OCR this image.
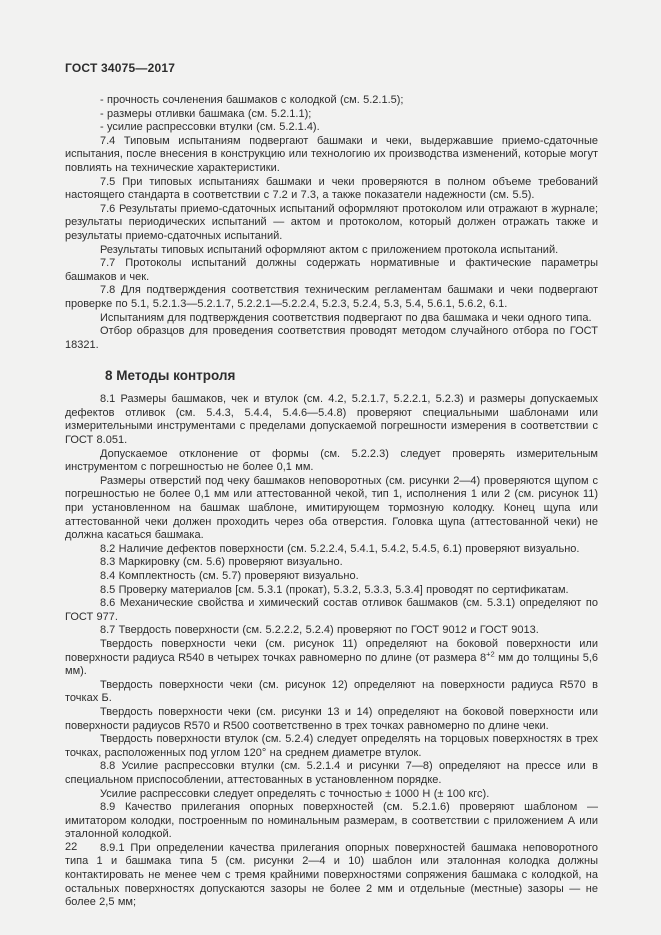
ГОСТ 34075—2017

- прочность сочленения башмаков с колодкой (см. 5.2.1.5);

- размеры отливки башмака (см. 5.2.1.1);

- усилие распрессовки втулки (см. 5.2.1.4).

7.4 Типовым испытаниям подвергают башмаки и чеки, выдержавшие приемо-сдаточные испытания, после внесения в конструкцию или технологию их производства изменений, которые могут повлиять на технические характеристики.

7.5 При типовых испытаниях башмаки и чеки проверяются в полном объеме требований настоящего стандарта в соответствии с 7.2 и 7.3, а также показатели надежности (см. 5.5).

7.6 Результаты приемо-сдаточных испытаний оформляют протоколом или отражают в журнале; результаты периодических испытаний — актом и протоколом, который должен отражать также и результаты приемо-сдаточных испытаний.

Результаты типовых испытаний оформляют актом с приложением протокола испытаний.

7.7 Протоколы испытаний должны содержать нормативные и фактические параметры башмаков и чек.

7.8 Для подтверждения соответствия техническим регламентам башмаки и чеки подвергают проверке по 5.1, 5.2.1.3—5.2.1.7, 5.2.2.1—5.2.2.4, 5.2.3, 5.2.4, 5.3, 5.4, 5.6.1, 5.6.2, 6.1.

Испытаниям для подтверждения соответствия подвергают по два башмака и чеки одного типа.

Отбор образцов для проведения соответствия проводят методом случайного отбора по ГОСТ 18321.

8 Методы контроля

8.1 Размеры башмаков, чек и втулок (см. 4.2, 5.2.1.7, 5.2.2.1, 5.2.3) и размеры допускаемых дефектов отливок (см. 5.4.3, 5.4.4, 5.4.6—5.4.8) проверяют специальными шаблонами или измерительными инструментами с пределами допускаемой погрешности измерения в соответствии с ГОСТ 8.051.

Допускаемое отклонение от формы (см. 5.2.2.3) следует проверять измерительным инструментом с погрешностью не более 0,1 мм.

Размеры отверстий под чеку башмаков неповоротных (см. рисунки 2—4) проверяются щупом с погрешностью не более 0,1 мм или аттестованной чекой, тип 1, исполнения 1 или 2 (см. рисунок 11) при установленном на башмак шаблоне, имитирующем тормозную колодку. Конец щупа или аттестованной чеки должен проходить через оба отверстия. Головка щупа (аттестованной чеки) не должна касаться башмака.

8.2 Наличие дефектов поверхности (см. 5.2.2.4, 5.4.1, 5.4.2, 5.4.5, 6.1) проверяют визуально.

8.3 Маркировку (см. 5.6) проверяют визуально.

8.4 Комплектность (см. 5.7) проверяют визуально.

8.5 Проверку материалов [см. 5.3.1 (прокат), 5.3.2, 5.3.3, 5.3.4] проводят по сертификатам.

8.6 Механические свойства и химический состав отливок башмаков (см. 5.3.1) определяют по ГОСТ 977.

8.7 Твердость поверхности (см. 5.2.2.2, 5.2.4) проверяют по ГОСТ 9012 и ГОСТ 9013.

Твердость поверхности чеки (см. рисунок 11) определяют на боковой поверхности или поверхности радиуса R540 в четырех точках равномерно по длине (от размера $8^{+2}$ мм до толщины 5,6 мм).

Твердость поверхности чеки (см. рисунок 12) определяют на поверхности радиуса R570 в точках Б.

Твердость поверхности чеки (см. рисунки 13 и 14) определяют на боковой поверхности или поверхности радиусов R570 и R500 соответственно в трех точках равномерно по длине чеки.

Твердость поверхности втулок (см. 5.2.4) следует определять на торцовых поверхностях в трех точках, расположенных под углом 120° на среднем диаметре втулок.

8.8 Усилие распрессовки втулки (см. 5.2.1.4 и рисунки 7—8) определяют на прессе или в специальном приспособлении, аттестованных в установленном порядке.

Усилие распрессовки следует определять с точностью ± 1000 Н (± 100 кгс).

8.9 Качество прилегания опорных поверхностей (см. 5.2.1.6) проверяют шаблоном — имитатором колодки, построенным по номинальным размерам, в соответствии с приложением А или эталонной колодкой.

8.9.1 При определении качества прилегания опорных поверхностей башмака неповоротного типа 1 и башмака типа 5 (см. рисунки 2—4 и 10) шаблон или эталонная колодка должны контактировать не менее чем с тремя крайними поверхностями сопряжения башмака с колодкой, на остальных поверхностях допускаются зазоры не более 2 мм и отдельные (местные) зазоры — не более 2,5 мм;

22
